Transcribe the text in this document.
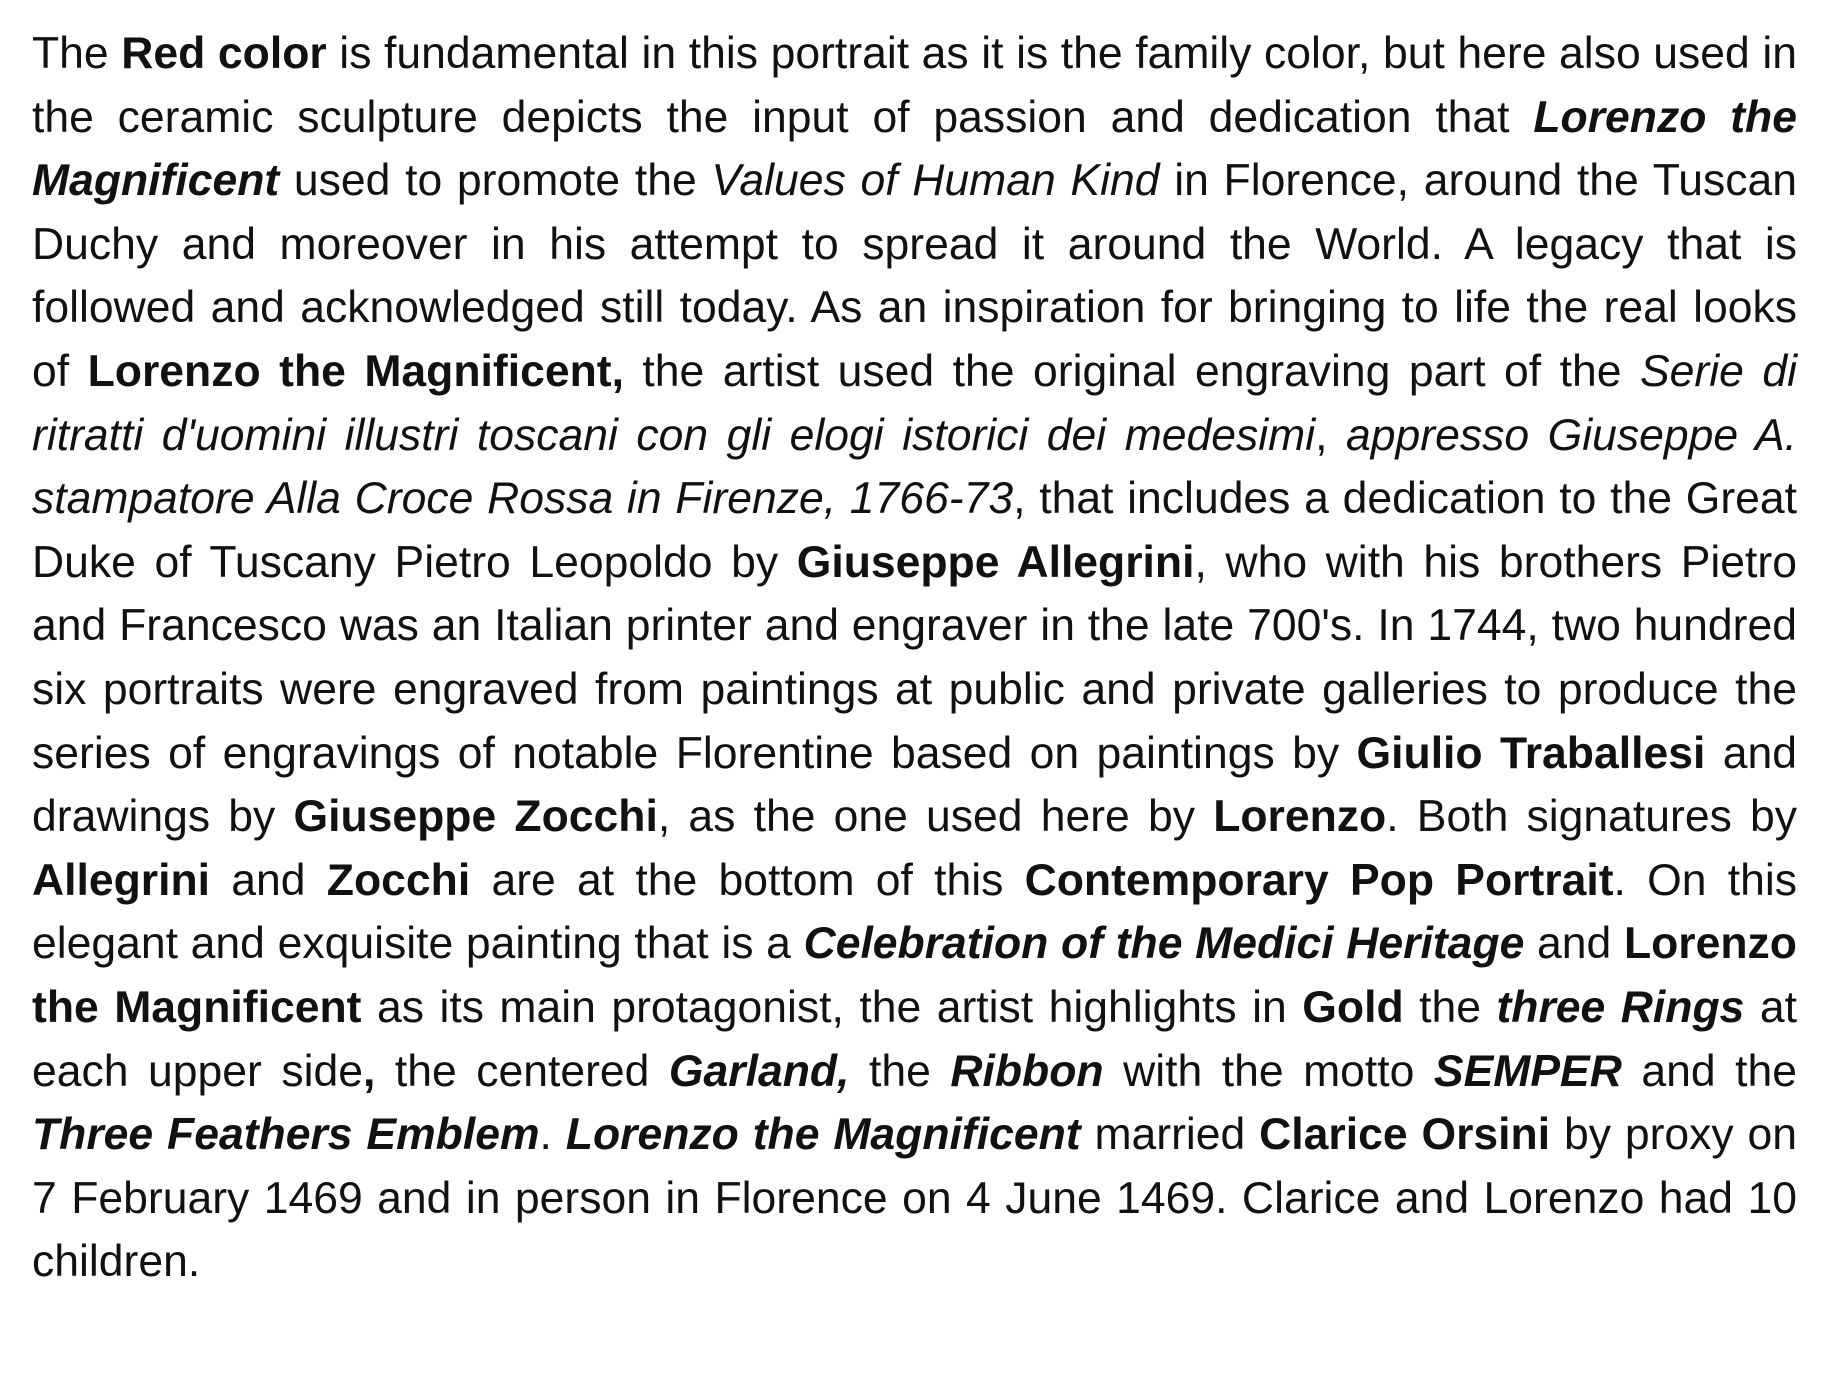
The Red color is fundamental in this portrait as it is the family color, but here also used in the ceramic sculpture depicts the input of passion and dedication that Lorenzo the Magnificent used to promote the Values of Human Kind in Florence, around the Tuscan Duchy and moreover in his attempt to spread it around the World. A legacy that is followed and acknowledged still today. As an inspiration for bringing to life the real looks of Lorenzo the Magnificent, the artist used the original engraving part of the Serie di ritratti d'uomini illustri toscani con gli elogi istorici dei medesimi, appresso Giuseppe A. stampatore Alla Croce Rossa in Firenze, 1766-73, that includes a dedication to the Great Duke of Tuscany Pietro Leopoldo by Giuseppe Allegrini, who with his brothers Pietro and Francesco was an Italian printer and engraver in the late 700's. In 1744, two hundred six portraits were engraved from paintings at public and private galleries to produce the series of engravings of notable Florentine based on paintings by Giulio Traballesi and drawings by Giuseppe Zocchi, as the one used here by Lorenzo. Both signatures by Allegrini and Zocchi are at the bottom of this Contemporary Pop Portrait. On this elegant and exquisite painting that is a Celebration of the Medici Heritage and Lorenzo the Magnificent as its main protagonist, the artist highlights in Gold the three Rings at each upper side, the centered Garland, the Ribbon with the motto SEMPER and the Three Feathers Emblem. Lorenzo the Magnificent married Clarice Orsini by proxy on 7 February 1469 and in person in Florence on 4 June 1469. Clarice and Lorenzo had 10 children.
